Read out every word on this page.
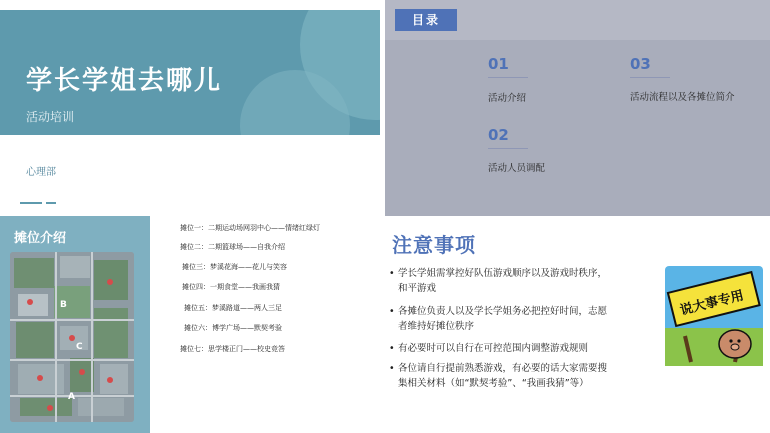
学长学姐去哪儿
活动培训
心理部
目录
01
活动介绍
02
活动人员调配
03
活动流程以及各摊位简介
摊位介绍
B
C
A
摊位一：二期运动场网羽中心——情绪红绿灯
摊位二：二期篮球场——自我介绍
摊位三：梦溪花海——花儿与笑容
摊位四：一期食堂——我画我猜
摊位五：梦溪路道——两人三足
摊位六：博学广场——默契考验
摊位七：思学楼正门——校史竞答
注意事项
• 学长学姐需掌控好队伍游戏顺序以及游戏时秩序，
和平游戏
• 各摊位负责人以及学长学姐务必把控好时间，志愿
者维持好摊位秩序
• 有必要时可以自行在可控范围内调整游戏规则
• 各位请自行提前熟悉游戏，有必要的话大家需要搜
集相关材料（如“默契考验”、“我画我猜”等）
说大事专用
